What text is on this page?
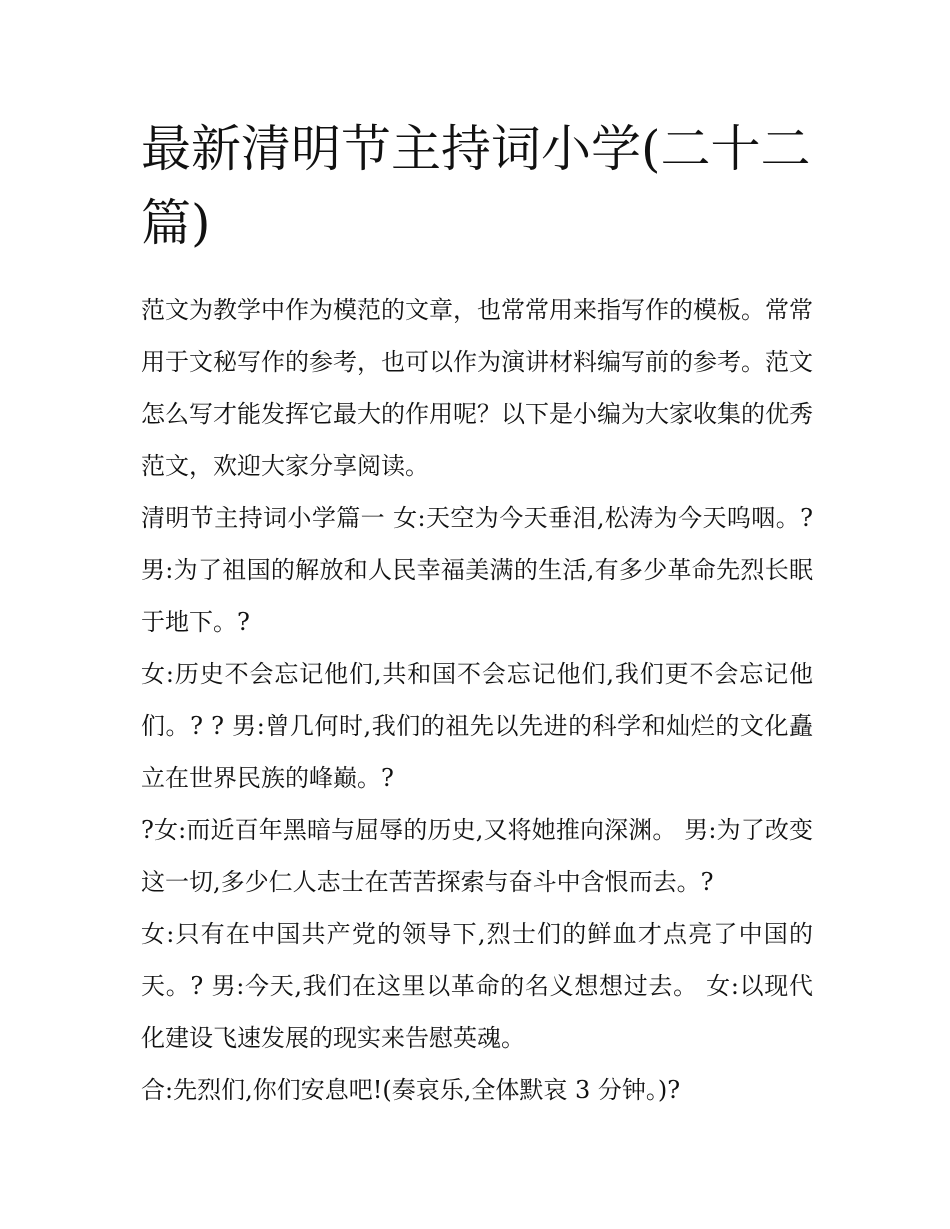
最新清明节主持词小学(二十二篇)

范文为教学中作为模范的文章，也常常用来指写作的模板。常常用于文秘写作的参考，也可以作为演讲材料编写前的参考。范文怎么写才能发挥它最大的作用呢？以下是小编为大家收集的优秀范文，欢迎大家分享阅读。

清明节主持词小学篇一 女:天空为今天垂泪,松涛为今天呜咽。? 男:为了祖国的解放和人民幸福美满的生活,有多少革命先烈长眠于地下。?

女:历史不会忘记他们,共和国不会忘记他们,我们更不会忘记他们。? ? 男:曾几何时,我们的祖先以先进的科学和灿烂的文化矗立在世界民族的峰巅。?

?女:而近百年黑暗与屈辱的历史,又将她推向深渊。 男:为了改变这一切,多少仁人志士在苦苦探索与奋斗中含恨而去。?

女:只有在中国共产党的领导下,烈士们的鲜血才点亮了中国的天。? 男:今天,我们在这里以革命的名义想想过去。 女:以现代化建设飞速发展的现实来告慰英魂。

合:先烈们,你们安息吧!(奏哀乐,全体默哀 3 分钟。)?
